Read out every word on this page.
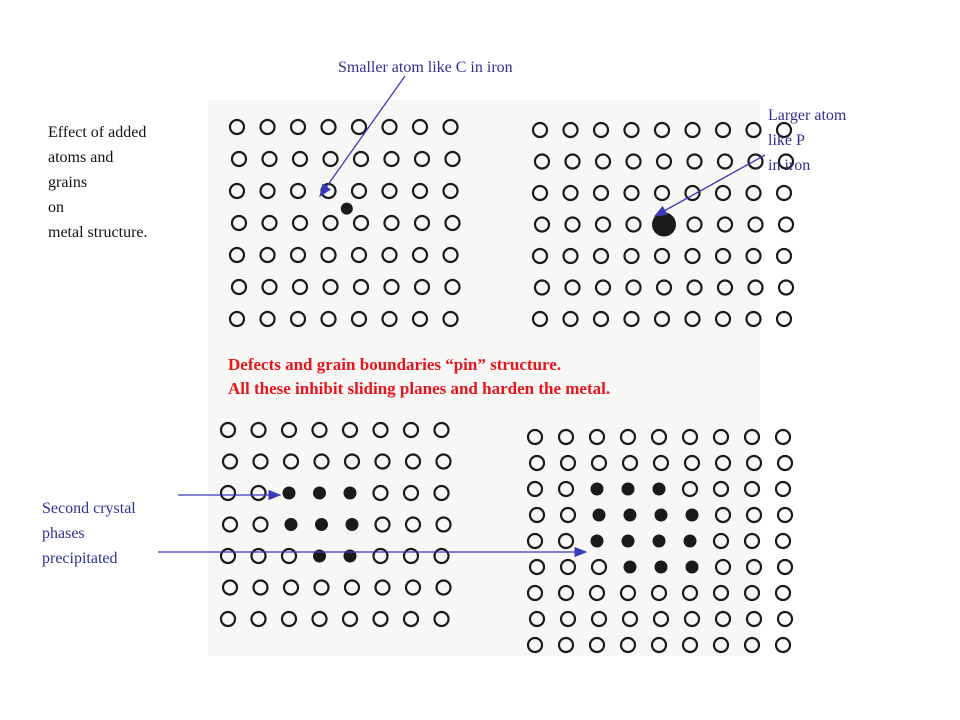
Smaller atom like C in iron
Larger atom
like P
in iron
Effect of added
atoms and
grains
on
metal structure.
Second crystal
phases
precipitated
Defects and grain boundaries “pin” structure.
All these inhibit sliding planes and harden the metal.
